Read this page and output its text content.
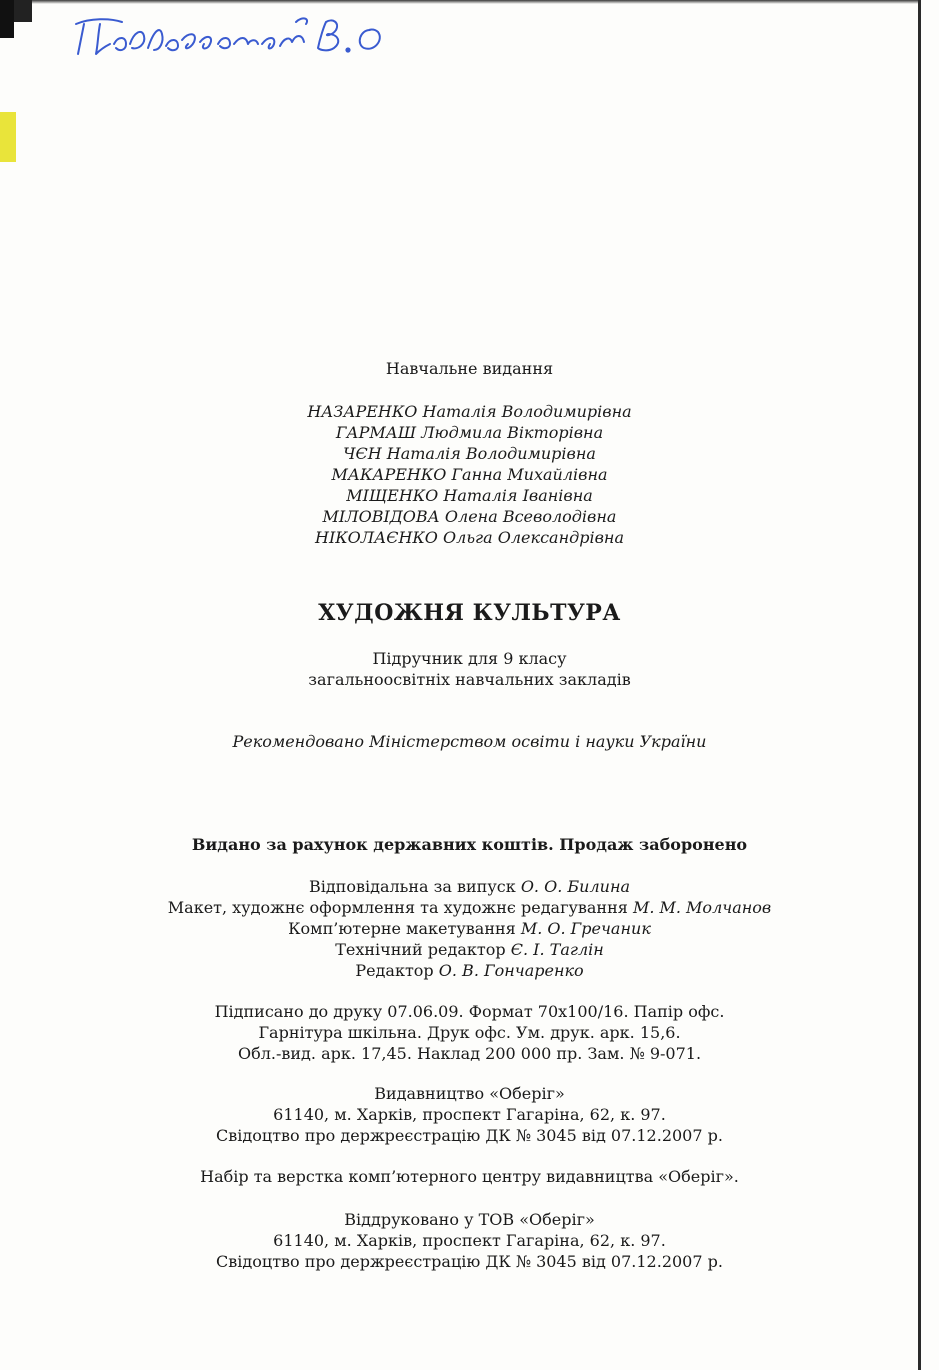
Павловський В.О
Навчальне видання
НАЗАРЕНКО Наталія Володимирівна
ГАРМАШ Людмила Вікторівна
ЧЄН Наталія Володимирівна
МАКАРЕНКО Ганна Михайлівна
МІЩЕНКО Наталія Іванівна
МІЛОВІДОВА Олена Всеволодівна
НІКОЛАЄНКО Ольга Олександрівна
ХУДОЖНЯ КУЛЬТУРА
Підручник для 9 класу
загальноосвітніх навчальних закладів
Рекомендовано Міністерством освіти і науки України
Видано за рахунок державних коштів. Продаж заборонено
Відповідальна за випуск О. О. Билина
Макет, художнє оформлення та художнє редагування М. М. Молчанов
Комп’ютерне макетування М. О. Гречаник
Технічний редактор Є. І. Таглін
Редактор О. В. Гончаренко
Підписано до друку 07.06.09. Формат 70х100/16. Папір офс.
Гарнітура шкільна. Друк офс. Ум. друк. арк. 15,6.
Обл.-вид. арк. 17,45. Наклад 200 000 пр. Зам. № 9-071.
Видавництво «Оберіг»
61140, м. Харків, проспект Гагаріна, 62, к. 97.
Свідоцтво про держреєстрацію ДК № 3045 від 07.12.2007 р.
Набір та верстка комп’ютерного центру видавництва «Оберіг».
Віддруковано у ТОВ «Оберіг»
61140, м. Харків, проспект Гагаріна, 62, к. 97.
Свідоцтво про держреєстрацію ДК № 3045 від 07.12.2007 р.
